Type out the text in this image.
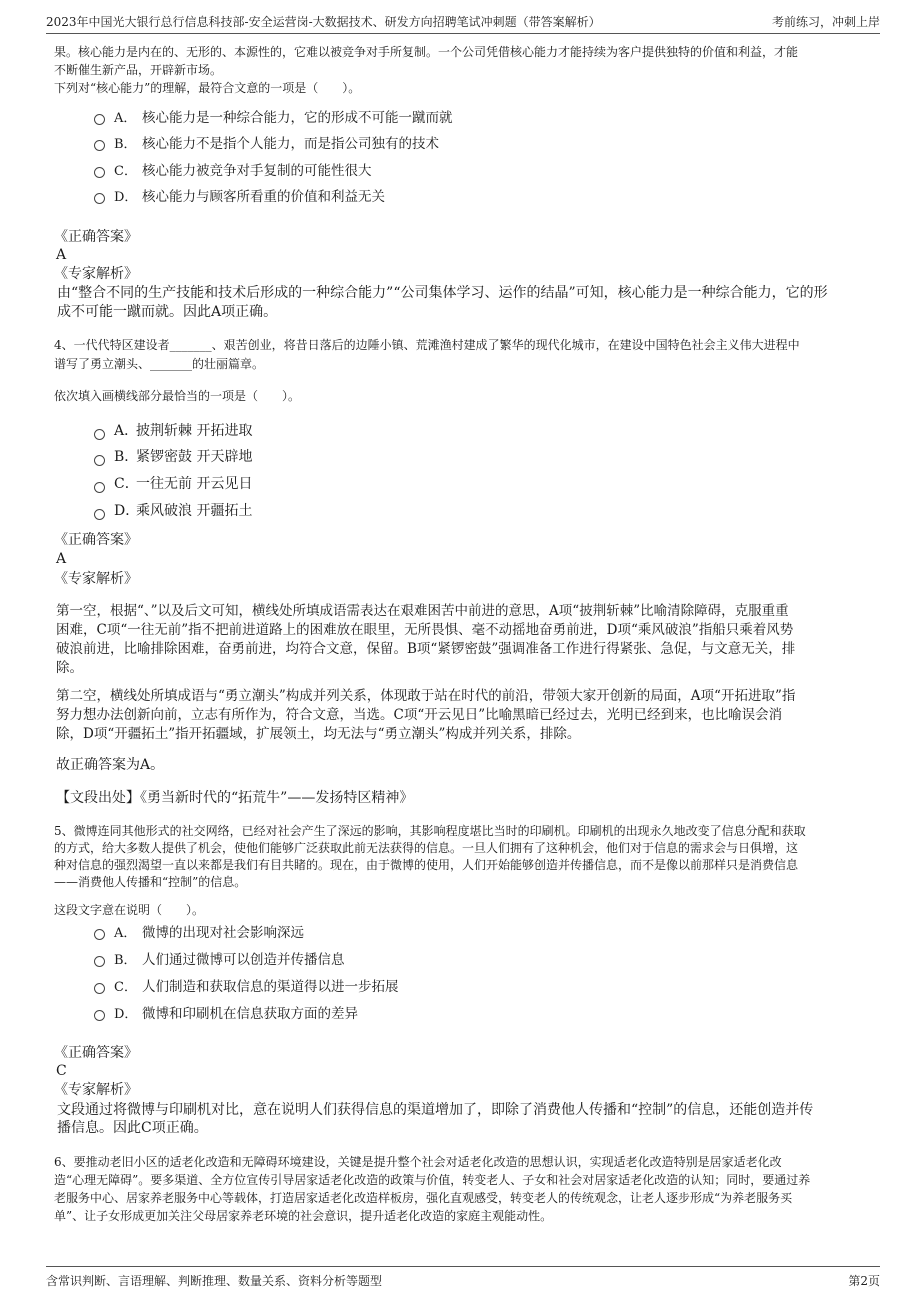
2023年中国光大银行总行信息科技部-安全运营岗-大数据技术、研发方向招聘笔试冲刺题（带答案解析）	考前练习，冲刺上岸
果。核心能力是内在的、无形的、本源性的，它难以被竞争对手所复制。一个公司凭借核心能力才能持续为客户提供独特的价值和利益，才能
不断催生新产品，开辟新市场。
下列对“核心能力”的理解，最符合文意的一项是（　　）。
A． 核心能力是一种综合能力，它的形成不可能一蹴而就
B． 核心能力不是指个人能力，而是指公司独有的技术
C． 核心能力被竞争对手复制的可能性很大
D． 核心能力与顾客所看重的价值和利益无关
《正确答案》
A
《专家解析》
由“整合不同的生产技能和技术后形成的一种综合能力”“公司集体学习、运作的结晶”可知，核心能力是一种综合能力，它的形
成不可能一蹴而就。因此A项正确。
4、一代代特区建设者_______、艰苦创业，将昔日落后的边陲小镇、荒滩渔村建成了繁华的现代化城市，在建设中国特色社会主义伟大进程中
谱写了勇立潮头、_______的壮丽篇章。
依次填入画横线部分最恰当的一项是（　　）。
A．
披荆斩棘 开拓进取
B．
紧锣密鼓 开天辟地
C．
一往无前 开云见日
D．
乘风破浪 开疆拓土
《正确答案》
A
《专家解析》
第一空，根据“、”以及后文可知，横线处所填成语需表达在艰难困苦中前进的意思，A项“披荆斩棘”比喻清除障碍，克服重重
困难，C项“一往无前”指不把前进道路上的困难放在眼里，无所畏惧、毫不动摇地奋勇前进，D项“乘风破浪”指船只乘着风势
破浪前进，比喻排除困难，奋勇前进，均符合文意，保留。B项“紧锣密鼓”强调准备工作进行得紧张、急促，与文意无关，排
除。
第二空，横线处所填成语与“勇立潮头”构成并列关系，体现敢于站在时代的前沿，带领大家开创新的局面，A项“开拓进取”指
努力想办法创新向前，立志有所作为，符合文意，当选。C项“开云见日”比喻黑暗已经过去，光明已经到来，也比喻误会消
除，D项“开疆拓土”指开拓疆域，扩展领土，均无法与“勇立潮头”构成并列关系，排除。
故正确答案为A。
【文段出处】《勇当新时代的“拓荒牛”——发扬特区精神》
5、微博连同其他形式的社交网络，已经对社会产生了深远的影响，其影响程度堪比当时的印刷机。印刷机的出现永久地改变了信息分配和获取
的方式，给大多数人提供了机会，使他们能够广泛获取此前无法获得的信息。一旦人们拥有了这种机会，他们对于信息的需求会与日俱增，这
种对信息的强烈渴望一直以来都是我们有目共睹的。现在，由于微博的使用，人们开始能够创造并传播信息，而不是像以前那样只是消费信息
——消费他人传播和“控制”的信息。
这段文字意在说明（　　）。
A． 微博的出现对社会影响深远
B． 人们通过微博可以创造并传播信息
C． 人们制造和获取信息的渠道得以进一步拓展
D． 微博和印刷机在信息获取方面的差异
《正确答案》
C
《专家解析》
文段通过将微博与印刷机对比，意在说明人们获得信息的渠道增加了，即除了消费他人传播和“控制”的信息，还能创造并传
播信息。因此C项正确。
6、要推动老旧小区的适老化改造和无障碍环境建设，关键是提升整个社会对适老化改造的思想认识，实现适老化改造特别是居家适老化改
造“心理无障碍”。要多渠道、全方位宣传引导居家适老化改造的政策与价值，转变老人、子女和社会对居家适老化改造的认知；同时，要通过养
老服务中心、居家养老服务中心等载体，打造居家适老化改造样板房，强化直观感受，转变老人的传统观念，让老人逐步形成“为养老服务买
单”、让子女形成更加关注父母居家养老环境的社会意识，提升适老化改造的家庭主观能动性。
含常识判断、言语理解、判断推理、数量关系、资料分析等题型	第2页
